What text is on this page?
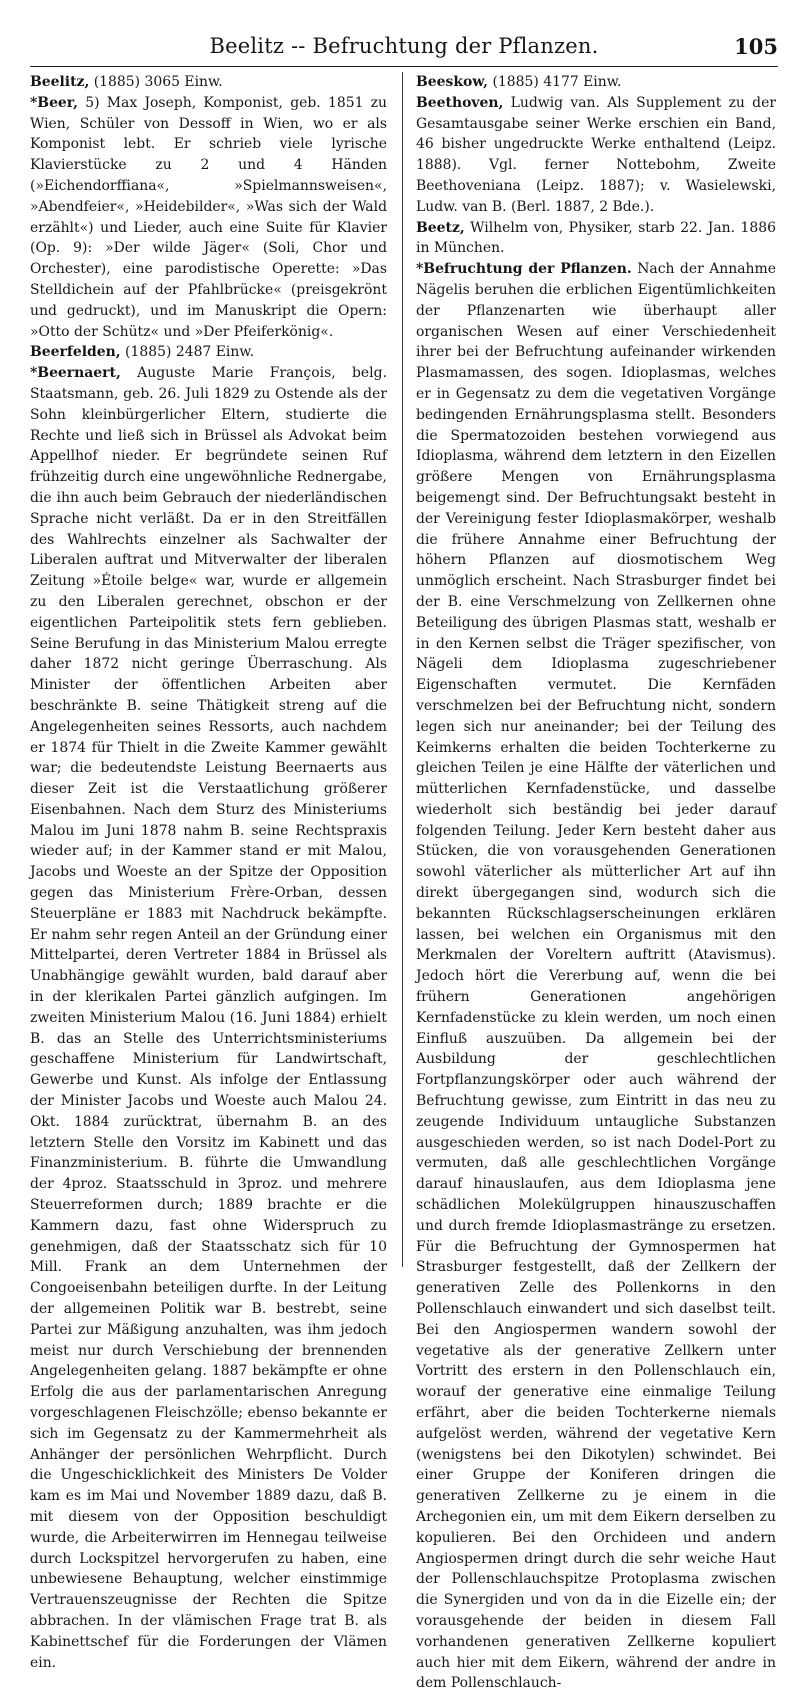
Beelitz -- Befruchtung der Pflanzen.	105

Beelitz, (1885) 3065 Einw.

*Beer, 5) Max Joseph, Komponist, geb. 1851 zu Wien, Schüler von Dessoff in Wien, wo er als Komponist lebt. Er schrieb viele lyrische Klavierstücke zu 2 und 4 Händen (»Eichendorffiana«, »Spielmannsweisen«, »Abendfeier«, »Heidebilder«, »Was sich der Wald erzählt«) und Lieder, auch eine Suite für Klavier (Op. 9): »Der wilde Jäger« (Soli, Chor und Orchester), eine parodistische Operette: »Das Stelldichein auf der Pfahlbrücke« (preisgekrönt und gedruckt), und im Manuskript die Opern: »Otto der Schütz« und »Der Pfeiferkönig«.

Beerfelden, (1885) 2487 Einw.

*Beernaert, Auguste Marie François, belg. Staatsmann, geb. 26. Juli 1829 zu Ostende als der Sohn kleinbürgerlicher Eltern, studierte die Rechte und ließ sich in Brüssel als Advokat beim Appellhof nieder. Er begründete seinen Ruf frühzeitig durch eine ungewöhnliche Rednergabe, die ihn auch beim Gebrauch der niederländischen Sprache nicht verläßt. Da er in den Streitfällen des Wahlrechts einzelner als Sachwalter der Liberalen auftrat und Mitverwalter der liberalen Zeitung »Étoile belge« war, wurde er allgemein zu den Liberalen gerechnet, obschon er der eigentlichen Parteipolitik stets fern geblieben. Seine Berufung in das Ministerium Malou erregte daher 1872 nicht geringe Überraschung. Als Minister der öffentlichen Arbeiten aber beschränkte B. seine Thätigkeit streng auf die Angelegenheiten seines Ressorts, auch nachdem er 1874 für Thielt in die Zweite Kammer gewählt war; die bedeutendste Leistung Beernaerts aus dieser Zeit ist die Verstaatlichung größerer Eisenbahnen. Nach dem Sturz des Ministeriums Malou im Juni 1878 nahm B. seine Rechtspraxis wieder auf; in der Kammer stand er mit Malou, Jacobs und Woeste an der Spitze der Opposition gegen das Ministerium Frère-Orban, dessen Steuerpläne er 1883 mit Nachdruck bekämpfte. Er nahm sehr regen Anteil an der Gründung einer Mittelpartei, deren Vertreter 1884 in Brüssel als Unabhängige gewählt wurden, bald darauf aber in der klerikalen Partei gänzlich aufgingen. Im zweiten Ministerium Malou (16. Juni 1884) erhielt B. das an Stelle des Unterrichtsministeriums geschaffene Ministerium für Landwirtschaft, Gewerbe und Kunst. Als infolge der Entlassung der Minister Jacobs und Woeste auch Malou 24. Okt. 1884 zurücktrat, übernahm B. an des letztern Stelle den Vorsitz im Kabinett und das Finanzministerium. B. führte die Umwandlung der 4proz. Staatsschuld in 3proz. und mehrere Steuerreformen durch; 1889 brachte er die Kammern dazu, fast ohne Widerspruch zu genehmigen, daß der Staatsschatz sich für 10 Mill. Frank an dem Unternehmen der Congoeisenbahn beteiligen durfte. In der Leitung der allgemeinen Politik war B. bestrebt, seine Partei zur Mäßigung anzuhalten, was ihm jedoch meist nur durch Verschiebung der brennenden Angelegenheiten gelang. 1887 bekämpfte er ohne Erfolg die aus der parlamentarischen Anregung vorgeschlagenen Fleischzölle; ebenso bekannte er sich im Gegensatz zu der Kammermehrheit als Anhänger der persönlichen Wehrpflicht. Durch die Ungeschicklichkeit des Ministers De Volder kam es im Mai und November 1889 dazu, daß B. mit diesem von der Opposition beschuldigt wurde, die Arbeiterwirren im Hennegau teilweise durch Lockspitzel hervorgerufen zu haben, eine unbewiesene Behauptung, welcher einstimmige Vertrauenszeugnisse der Rechten die Spitze abbrachen. In der vlämischen Frage trat B. als Kabinettschef für die Forderungen der Vlämen ein.

Beeskow, (1885) 4177 Einw.

Beethoven, Ludwig van. Als Supplement zu der Gesamtausgabe seiner Werke erschien ein Band, 46 bisher ungedruckte Werke enthaltend (Leipz. 1888). Vgl. ferner Nottebohm, Zweite Beethoveniana (Leipz. 1887); v. Wasielewski, Ludw. van B. (Berl. 1887, 2 Bde.).

Beetz, Wilhelm von, Physiker, starb 22. Jan. 1886 in München.

*Befruchtung der Pflanzen. Nach der Annahme Nägelis beruhen die erblichen Eigentümlichkeiten der Pflanzenarten wie überhaupt aller organischen Wesen auf einer Verschiedenheit ihrer bei der Befruchtung aufeinander wirkenden Plasmamassen, des sogen. Idioplasmas, welches er in Gegensatz zu dem die vegetativen Vorgänge bedingenden Ernährungsplasma stellt. Besonders die Spermatozoiden bestehen vorwiegend aus Idioplasma, während dem letztern in den Eizellen größere Mengen von Ernährungsplasma beigemengt sind. Der Befruchtungsakt besteht in der Vereinigung fester Idioplasmakörper, weshalb die frühere Annahme einer Befruchtung der höhern Pflanzen auf diosmotischem Weg unmöglich erscheint. Nach Strasburger findet bei der B. eine Verschmelzung von Zellkernen ohne Beteiligung des übrigen Plasmas statt, weshalb er in den Kernen selbst die Träger spezifischer, von Nägeli dem Idioplasma zugeschriebener Eigenschaften vermutet. Die Kernfäden verschmelzen bei der Befruchtung nicht, sondern legen sich nur aneinander; bei der Teilung des Keimkerns erhalten die beiden Tochterkerne zu gleichen Teilen je eine Hälfte der väterlichen und mütterlichen Kernfadenstücke, und dasselbe wiederholt sich beständig bei jeder darauf folgenden Teilung. Jeder Kern besteht daher aus Stücken, die von vorausgehenden Generationen sowohl väterlicher als mütterlicher Art auf ihn direkt übergegangen sind, wodurch sich die bekannten Rückschlagserscheinungen erklären lassen, bei welchen ein Organismus mit den Merkmalen der Voreltern auftritt (Atavismus). Jedoch hört die Vererbung auf, wenn die bei frühern Generationen angehörigen Kernfadenstücke zu klein werden, um noch einen Einfluß auszuüben. Da allgemein bei der Ausbildung der geschlechtlichen Fortpflanzungskörper oder auch während der Befruchtung gewisse, zum Eintritt in das neu zu zeugende Individuum untaugliche Substanzen ausgeschieden werden, so ist nach Dodel-Port zu vermuten, daß alle geschlechtlichen Vorgänge darauf hinauslaufen, aus dem Idioplasma jene schädlichen Molekülgruppen hinauszuschaffen und durch fremde Idioplasmastränge zu ersetzen. Für die Befruchtung der Gymnospermen hat Strasburger festgestellt, daß der Zellkern der generativen Zelle des Pollenkorns in den Pollenschlauch einwandert und sich daselbst teilt. Bei den Angiospermen wandern sowohl der vegetative als der generative Zellkern unter Vortritt des erstern in den Pollenschlauch ein, worauf der generative eine einmalige Teilung erfährt, aber die beiden Tochterkerne niemals aufgelöst werden, während der vegetative Kern (wenigstens bei den Dikotylen) schwindet. Bei einer Gruppe der Koniferen dringen die generativen Zellkerne zu je einem in die Archegonien ein, um mit dem Eikern derselben zu kopulieren. Bei den Orchideen und andern Angiospermen dringt durch die sehr weiche Haut der Pollenschlauchspitze Protoplasma zwischen die Synergiden und von da in die Eizelle ein; der vorausgehende der beiden in diesem Fall vorhandenen generativen Zellkerne kopuliert auch hier mit dem Eikern, während der andre in dem Pollenschlauch-
